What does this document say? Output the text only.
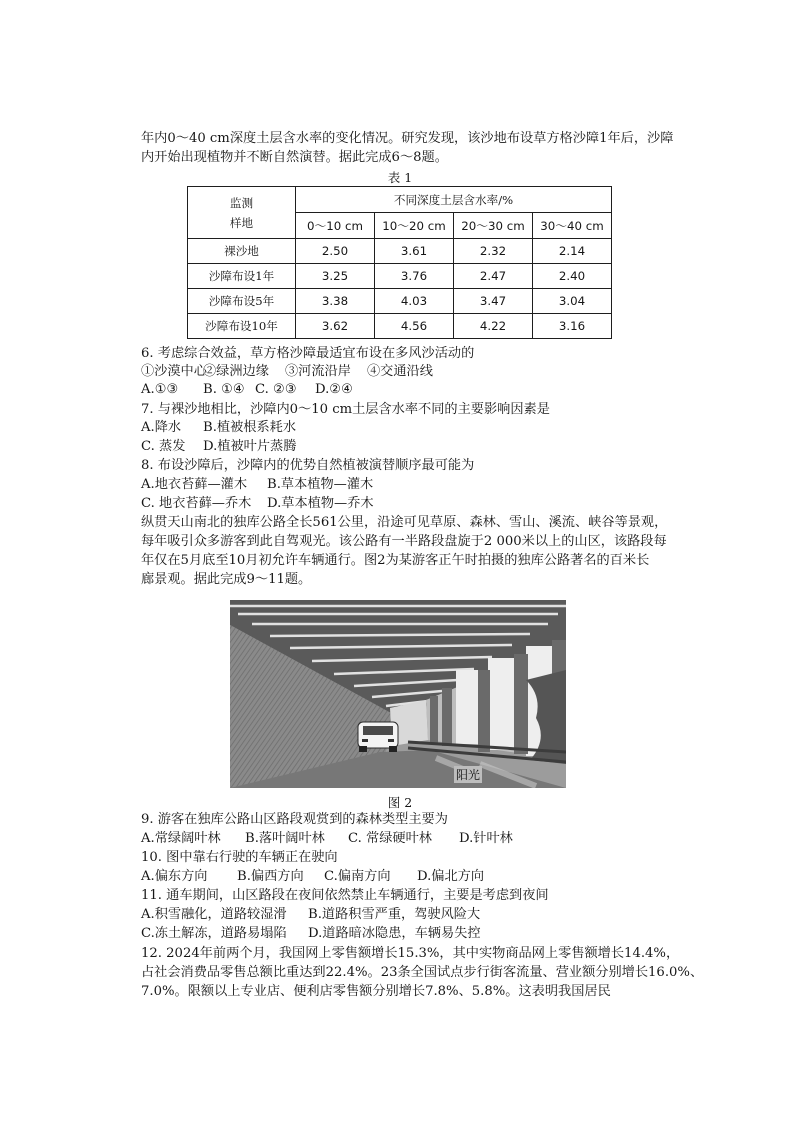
年内0～40 cm深度土层含水率的变化情况。研究发现，该沙地布设草方格沙障1年后，沙障
内开始出现植物并不断自然演替。据此完成6～8题。
表 1
监测
样地	不同深度土层含水率/%			
	0～10 cm	10～20 cm	20～30 cm	30～40 cm
裸沙地	2.50	3.61	2.32	2.14
沙障布设1年	3.25	3.76	2.47	2.40
沙障布设5年	3.38	4.03	3.47	3.04
沙障布设10年	3.62	4.56	4.22	3.16
6. 考虑综合效益，草方格沙障最适宜布设在多风沙活动的
①沙漠中心
②绿洲边缘	③河流沿岸	④交通沿线
A.①③	B. ①④ C. ②③	D.②④
7. 与裸沙地相比，沙障内0～10 cm土层含水率不同的主要影响因素是
A.降水	B.植被根系耗水
C. 蒸发	D.植被叶片蒸腾
8. 布设沙障后，沙障内的优势自然植被演替顺序最可能为
A.地衣苔藓—灌木	B.草本植物—灌木
C. 地衣苔藓—乔木	D.草本植物—乔木
纵贯天山南北的独库公路全长561公里，沿途可见草原、森林、雪山、溪流、峡谷等景观，
每年吸引众多游客到此自驾观光。该公路有一半路段盘旋于2 000米以上的山区，该路段每
年仅在5月底至10月初允许车辆通行。图2为某游客正午时拍摄的独库公路著名的百米长
廊景观。据此完成9～11题。
阳光
图 2
9. 游客在独库公路山区路段观赏到的森林类型主要为
A.常绿阔叶林	B.落叶阔叶林	C. 常绿硬叶林	D.针叶林
10. 图中靠右行驶的车辆正在驶向
A.偏东方向	B.偏西方向	C.偏南方向	D.偏北方向
11. 通车期间，山区路段在夜间依然禁止车辆通行，主要是考虑到夜间
A.积雪融化，道路较湿滑	B.道路积雪严重，驾驶风险大
C.冻土解冻，道路易塌陷	D.道路暗冰隐患，车辆易失控
12. 2024年前两个月，我国网上零售额增长15.3%，其中实物商品网上零售额增长14.4%，
占社会消费品零售总额比重达到22.4%。23条全国试点步行街客流量、营业额分别增长16.0%、
7.0%。限额以上专业店、便利店零售额分别增长7.8%、5.8%。这表明我国居民
